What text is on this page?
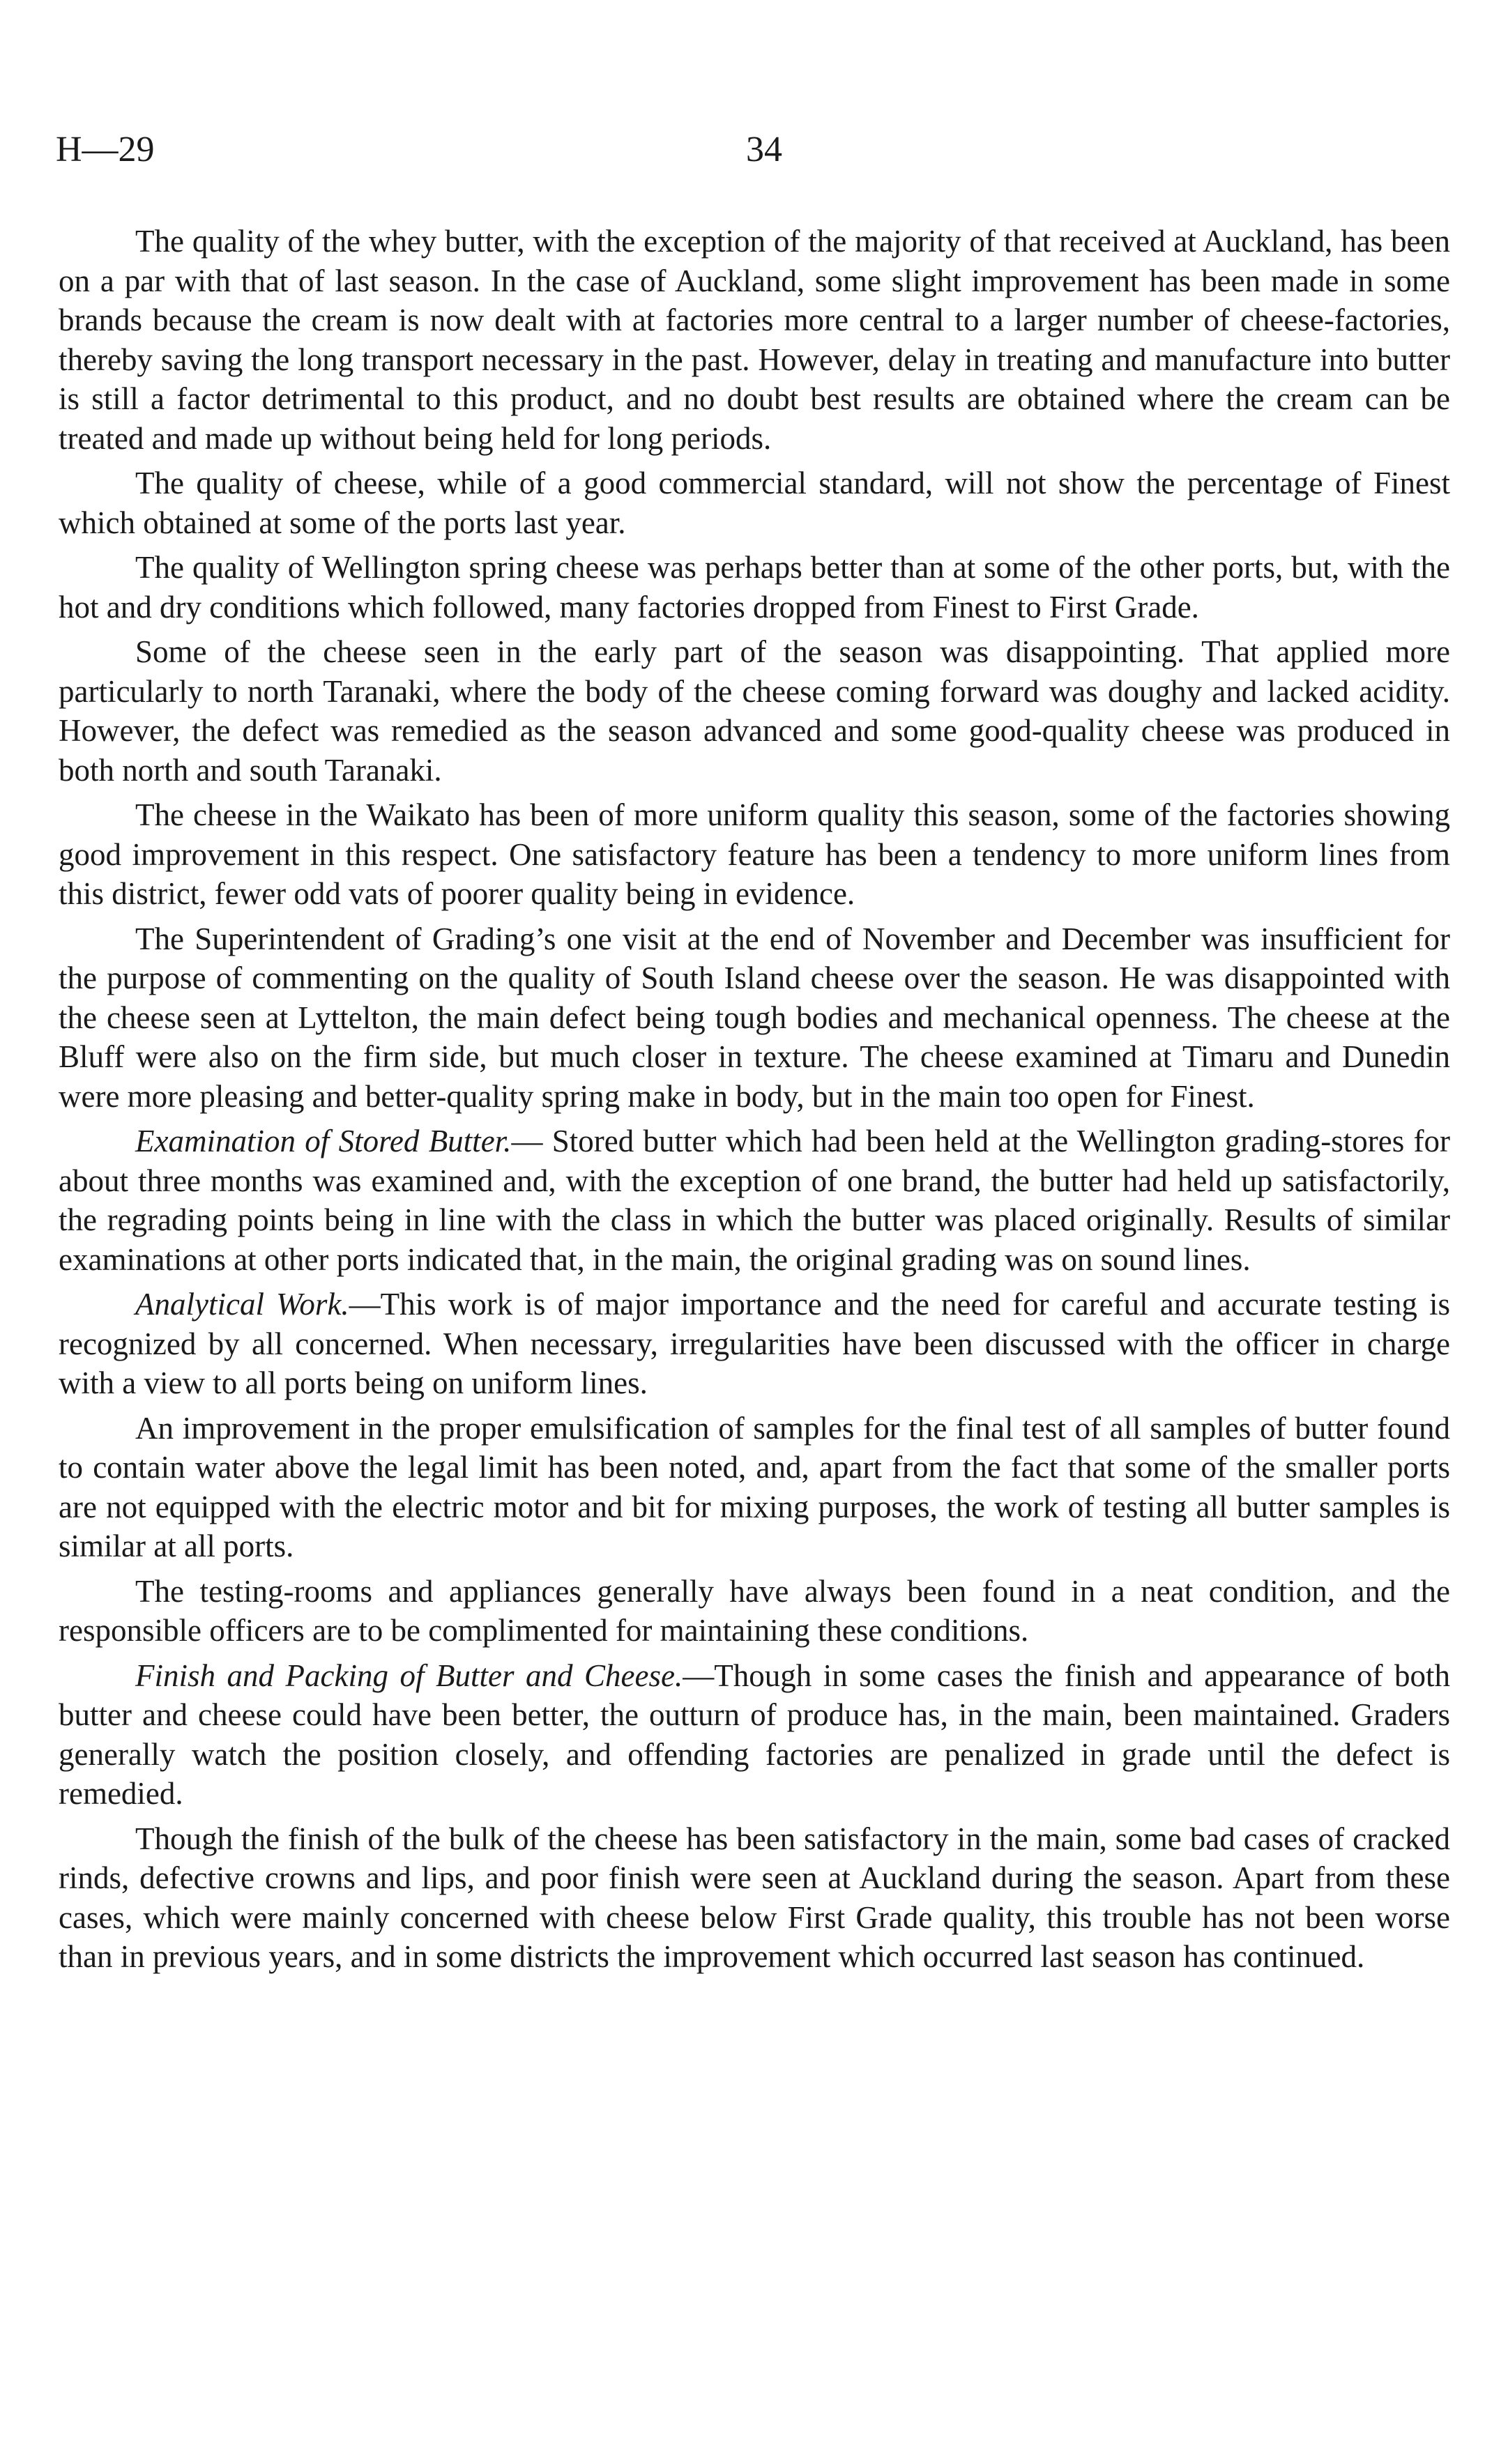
H—29	34

The quality of the whey butter, with the exception of the majority of that received at Auckland, has been on a par with that of last season. In the case of Auckland, some slight improvement has been made in some brands because the cream is now dealt with at factories more central to a larger number of cheese-factories, thereby saving the long transport necessary in the past. However, delay in treating and manufacture into butter is still a factor detrimental to this product, and no doubt best results are obtained where the cream can be treated and made up without being held for long periods.

The quality of cheese, while of a good commercial standard, will not show the percentage of Finest which obtained at some of the ports last year.

The quality of Wellington spring cheese was perhaps better than at some of the other ports, but, with the hot and dry conditions which followed, many factories dropped from Finest to First Grade.

Some of the cheese seen in the early part of the season was disappointing. That applied more particularly to north Taranaki, where the body of the cheese coming forward was doughy and lacked acidity. However, the defect was remedied as the season advanced and some good-quality cheese was produced in both north and south Taranaki.

The cheese in the Waikato has been of more uniform quality this season, some of the factories showing good improvement in this respect. One satisfactory feature has been a tendency to more uniform lines from this district, fewer odd vats of poorer quality being in evidence.

The Superintendent of Grading’s one visit at the end of November and December was insufficient for the purpose of commenting on the quality of South Island cheese over the season. He was disappointed with the cheese seen at Lyttelton, the main defect being tough bodies and mechanical openness. The cheese at the Bluff were also on the firm side, but much closer in texture. The cheese examined at Timaru and Dunedin were more pleasing and better-quality spring make in body, but in the main too open for Finest.

Examination of Stored Butter.— Stored butter which had been held at the Wellington grading-stores for about three months was examined and, with the exception of one brand, the butter had held up satisfactorily, the regrading points being in line with the class in which the butter was placed originally. Results of similar examinations at other ports indicated that, in the main, the original grading was on sound lines.

Analytical Work.—This work is of major importance and the need for careful and accurate testing is recognized by all concerned. When necessary, irregularities have been discussed with the officer in charge with a view to all ports being on uniform lines.

An improvement in the proper emulsification of samples for the final test of all samples of butter found to contain water above the legal limit has been noted, and, apart from the fact that some of the smaller ports are not equipped with the electric motor and bit for mixing purposes, the work of testing all butter samples is similar at all ports.

The testing-rooms and appliances generally have always been found in a neat condition, and the responsible officers are to be complimented for maintaining these conditions.

Finish and Packing of Butter and Cheese.—Though in some cases the finish and appearance of both butter and cheese could have been better, the outturn of produce has, in the main, been maintained. Graders generally watch the position closely, and offending factories are penalized in grade until the defect is remedied.

Though the finish of the bulk of the cheese has been satisfactory in the main, some bad cases of cracked rinds, defective crowns and lips, and poor finish were seen at Auckland during the season. Apart from these cases, which were mainly concerned with cheese below First Grade quality, this trouble has not been worse than in previous years, and in some districts the improvement which occurred last season has continued.
